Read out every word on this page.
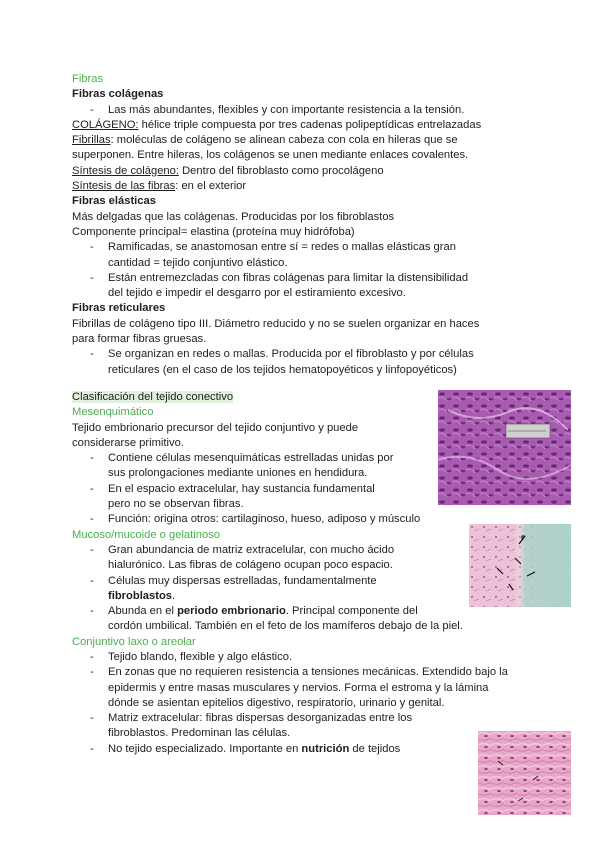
Fibras
Fibras colágenas
- Las más abundantes, flexibles y con importante resistencia a la tensión.
COLÁGENO: hélice triple compuesta por tres cadenas polipeptídicas entrelazadas
Fibrillas: moléculas de colágeno se alinean cabeza con cola en hileras que se
superponen. Entre hileras, los colágenos se unen mediante enlaces covalentes.
Síntesis de colágeno: Dentro del fibroblasto como procolágeno
Síntesis de las fibras: en el exterior
Fibras elásticas
Más delgadas que las colágenas. Producidas por los fibroblastos
Componente principal= elastina (proteína muy hidrófoba)
- Ramificadas, se anastomosan entre sí = redes o mallas elásticas gran
cantidad = tejido conjuntivo elástico.
- Están entremezcladas con fibras colágenas para limitar la distensibilidad
del tejido e impedir el desgarro por el estiramiento excesivo.
Fibras reticulares
Fibrillas de colágeno tipo III. Diámetro reducido y no se suelen organizar en haces
para formar fibras gruesas.
- Se organizan en redes o mallas. Producida por el fibroblasto y por células
reticulares (en el caso de los tejidos hematopoyéticos y linfopoyéticos)
Clasificación del tejido conectivo
Mesenquimático
Tejido embrionario precursor del tejido conjuntivo y puede
considerarse primitivo.
- Contiene células mesenquimáticas estrelladas unidas por
sus prolongaciones mediante uniones en hendidura.
- En el espacio extracelular, hay sustancia fundamental
pero no se observan fibras.
- Función: origina otros: cartilaginoso, hueso, adiposo y músculo
Mucoso/mucoide o gelatinoso
- Gran abundancia de matriz extracelular, con mucho ácido
hialurónico. Las fibras de colágeno ocupan poco espacio.
- Células muy dispersas estrelladas, fundamentalmente
fibroblastos.
- Abunda en el periodo embrionario. Principal componente del
cordón umbilical. También en el feto de los mamíferos debajo de la piel.
Conjuntivo laxo o areolar
- Tejido blando, flexible y algo elástico.
- En zonas que no requieren resistencia a tensiones mecánicas. Extendido bajo la
epidermis y entre masas musculares y nervios. Forma el estroma y la lámina
dónde se asientan epitelios digestivo, respiratorio, urinario y genital.
- Matriz extracelular: fibras dispersas desorganizadas entre los
fibroblastos. Predominan las células.
- No tejido especializado. Importante en nutrición de tejidos
